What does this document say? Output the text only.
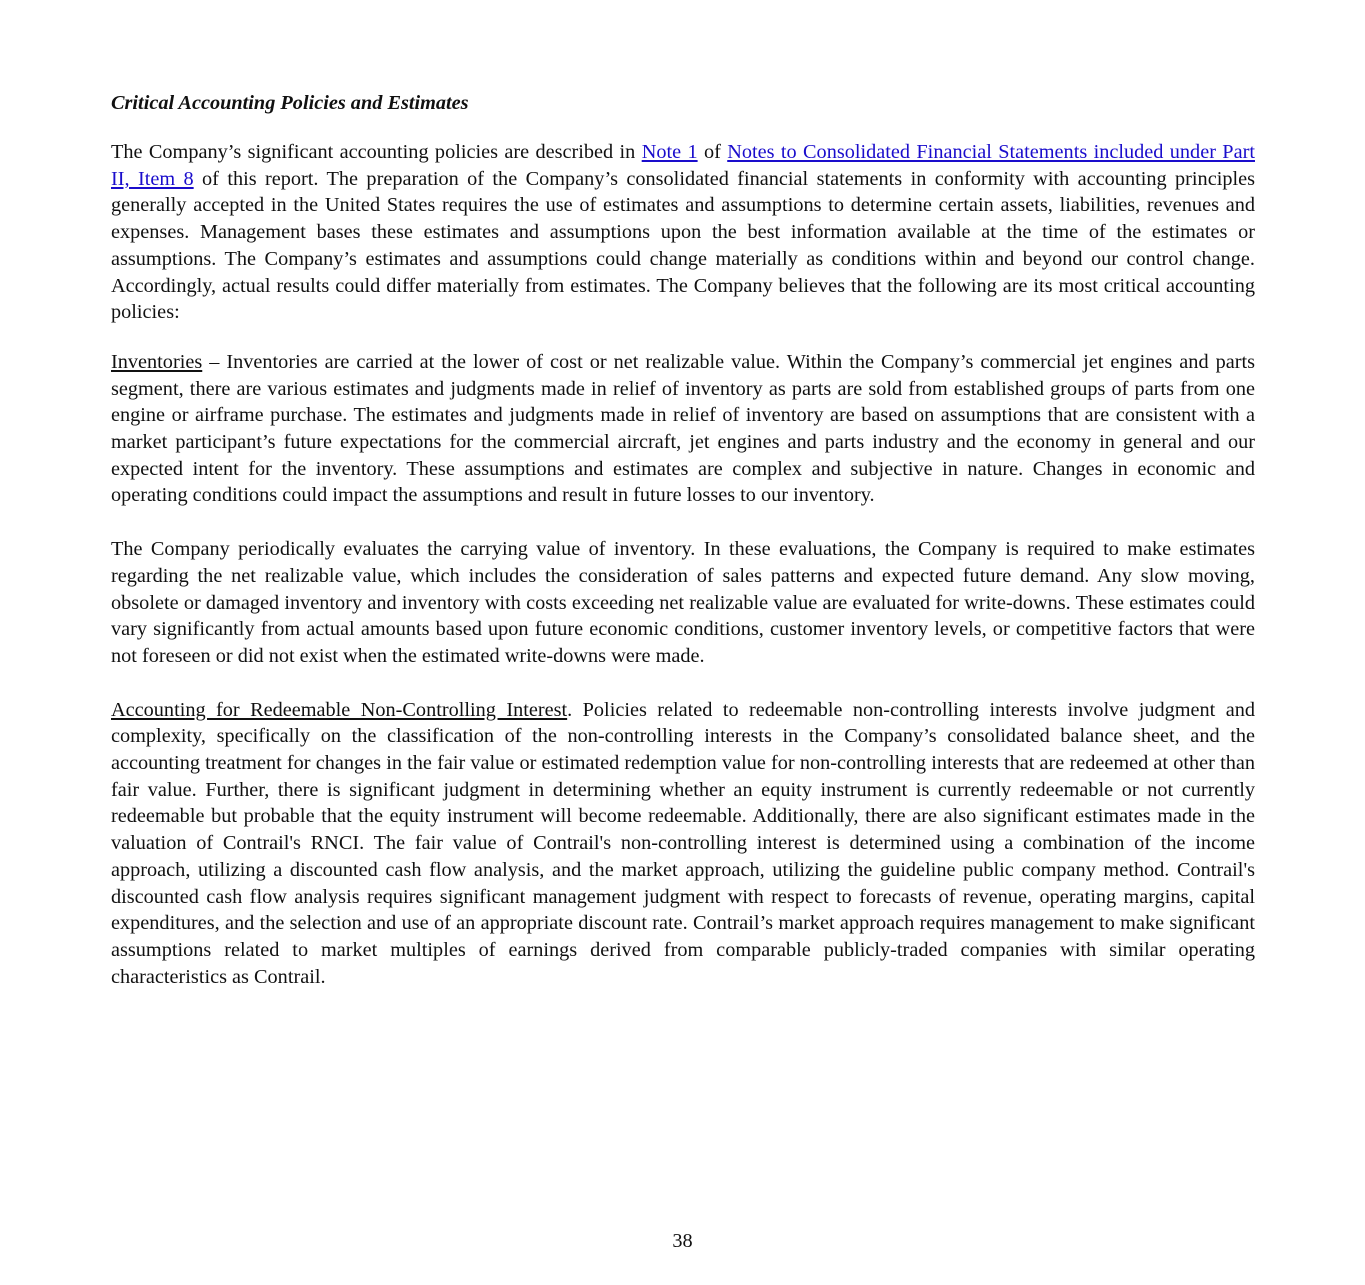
Critical Accounting Policies and Estimates

The Company’s significant accounting policies are described in Note 1 of Notes to Consolidated Financial Statements included under Part II, Item 8 of this report. The preparation of the Company’s consolidated financial statements in conformity with accounting principles generally accepted in the United States requires the use of estimates and assumptions to determine certain assets, liabilities, revenues and expenses. Management bases these estimates and assumptions upon the best information available at the time of the estimates or assumptions. The Company’s estimates and assumptions could change materially as conditions within and beyond our control change. Accordingly, actual results could differ materially from estimates. The Company believes that the following are its most critical accounting policies:

Inventories – Inventories are carried at the lower of cost or net realizable value. Within the Company’s commercial jet engines and parts segment, there are various estimates and judgments made in relief of inventory as parts are sold from established groups of parts from one engine or airframe purchase. The estimates and judgments made in relief of inventory are based on assumptions that are consistent with a market participant’s future expectations for the commercial aircraft, jet engines and parts industry and the economy in general and our expected intent for the inventory. These assumptions and estimates are complex and subjective in nature. Changes in economic and operating conditions could impact the assumptions and result in future losses to our inventory.

The Company periodically evaluates the carrying value of inventory. In these evaluations, the Company is required to make estimates regarding the net realizable value, which includes the consideration of sales patterns and expected future demand. Any slow moving, obsolete or damaged inventory and inventory with costs exceeding net realizable value are evaluated for write-downs. These estimates could vary significantly from actual amounts based upon future economic conditions, customer inventory levels, or competitive factors that were not foreseen or did not exist when the estimated write-downs were made.

Accounting for Redeemable Non-Controlling Interest. Policies related to redeemable non-controlling interests involve judgment and complexity, specifically on the classification of the non-controlling interests in the Company’s consolidated balance sheet, and the accounting treatment for changes in the fair value or estimated redemption value for non-controlling interests that are redeemed at other than fair value. Further, there is significant judgment in determining whether an equity instrument is currently redeemable or not currently redeemable but probable that the equity instrument will become redeemable. Additionally, there are also significant estimates made in the valuation of Contrail's RNCI. The fair value of Contrail's non-controlling interest is determined using a combination of the income approach, utilizing a discounted cash flow analysis, and the market approach, utilizing the guideline public company method. Contrail's discounted cash flow analysis requires significant management judgment with respect to forecasts of revenue, operating margins, capital expenditures, and the selection and use of an appropriate discount rate. Contrail’s market approach requires management to make significant assumptions related to market multiples of earnings derived from comparable publicly-traded companies with similar operating characteristics as Contrail.

38
